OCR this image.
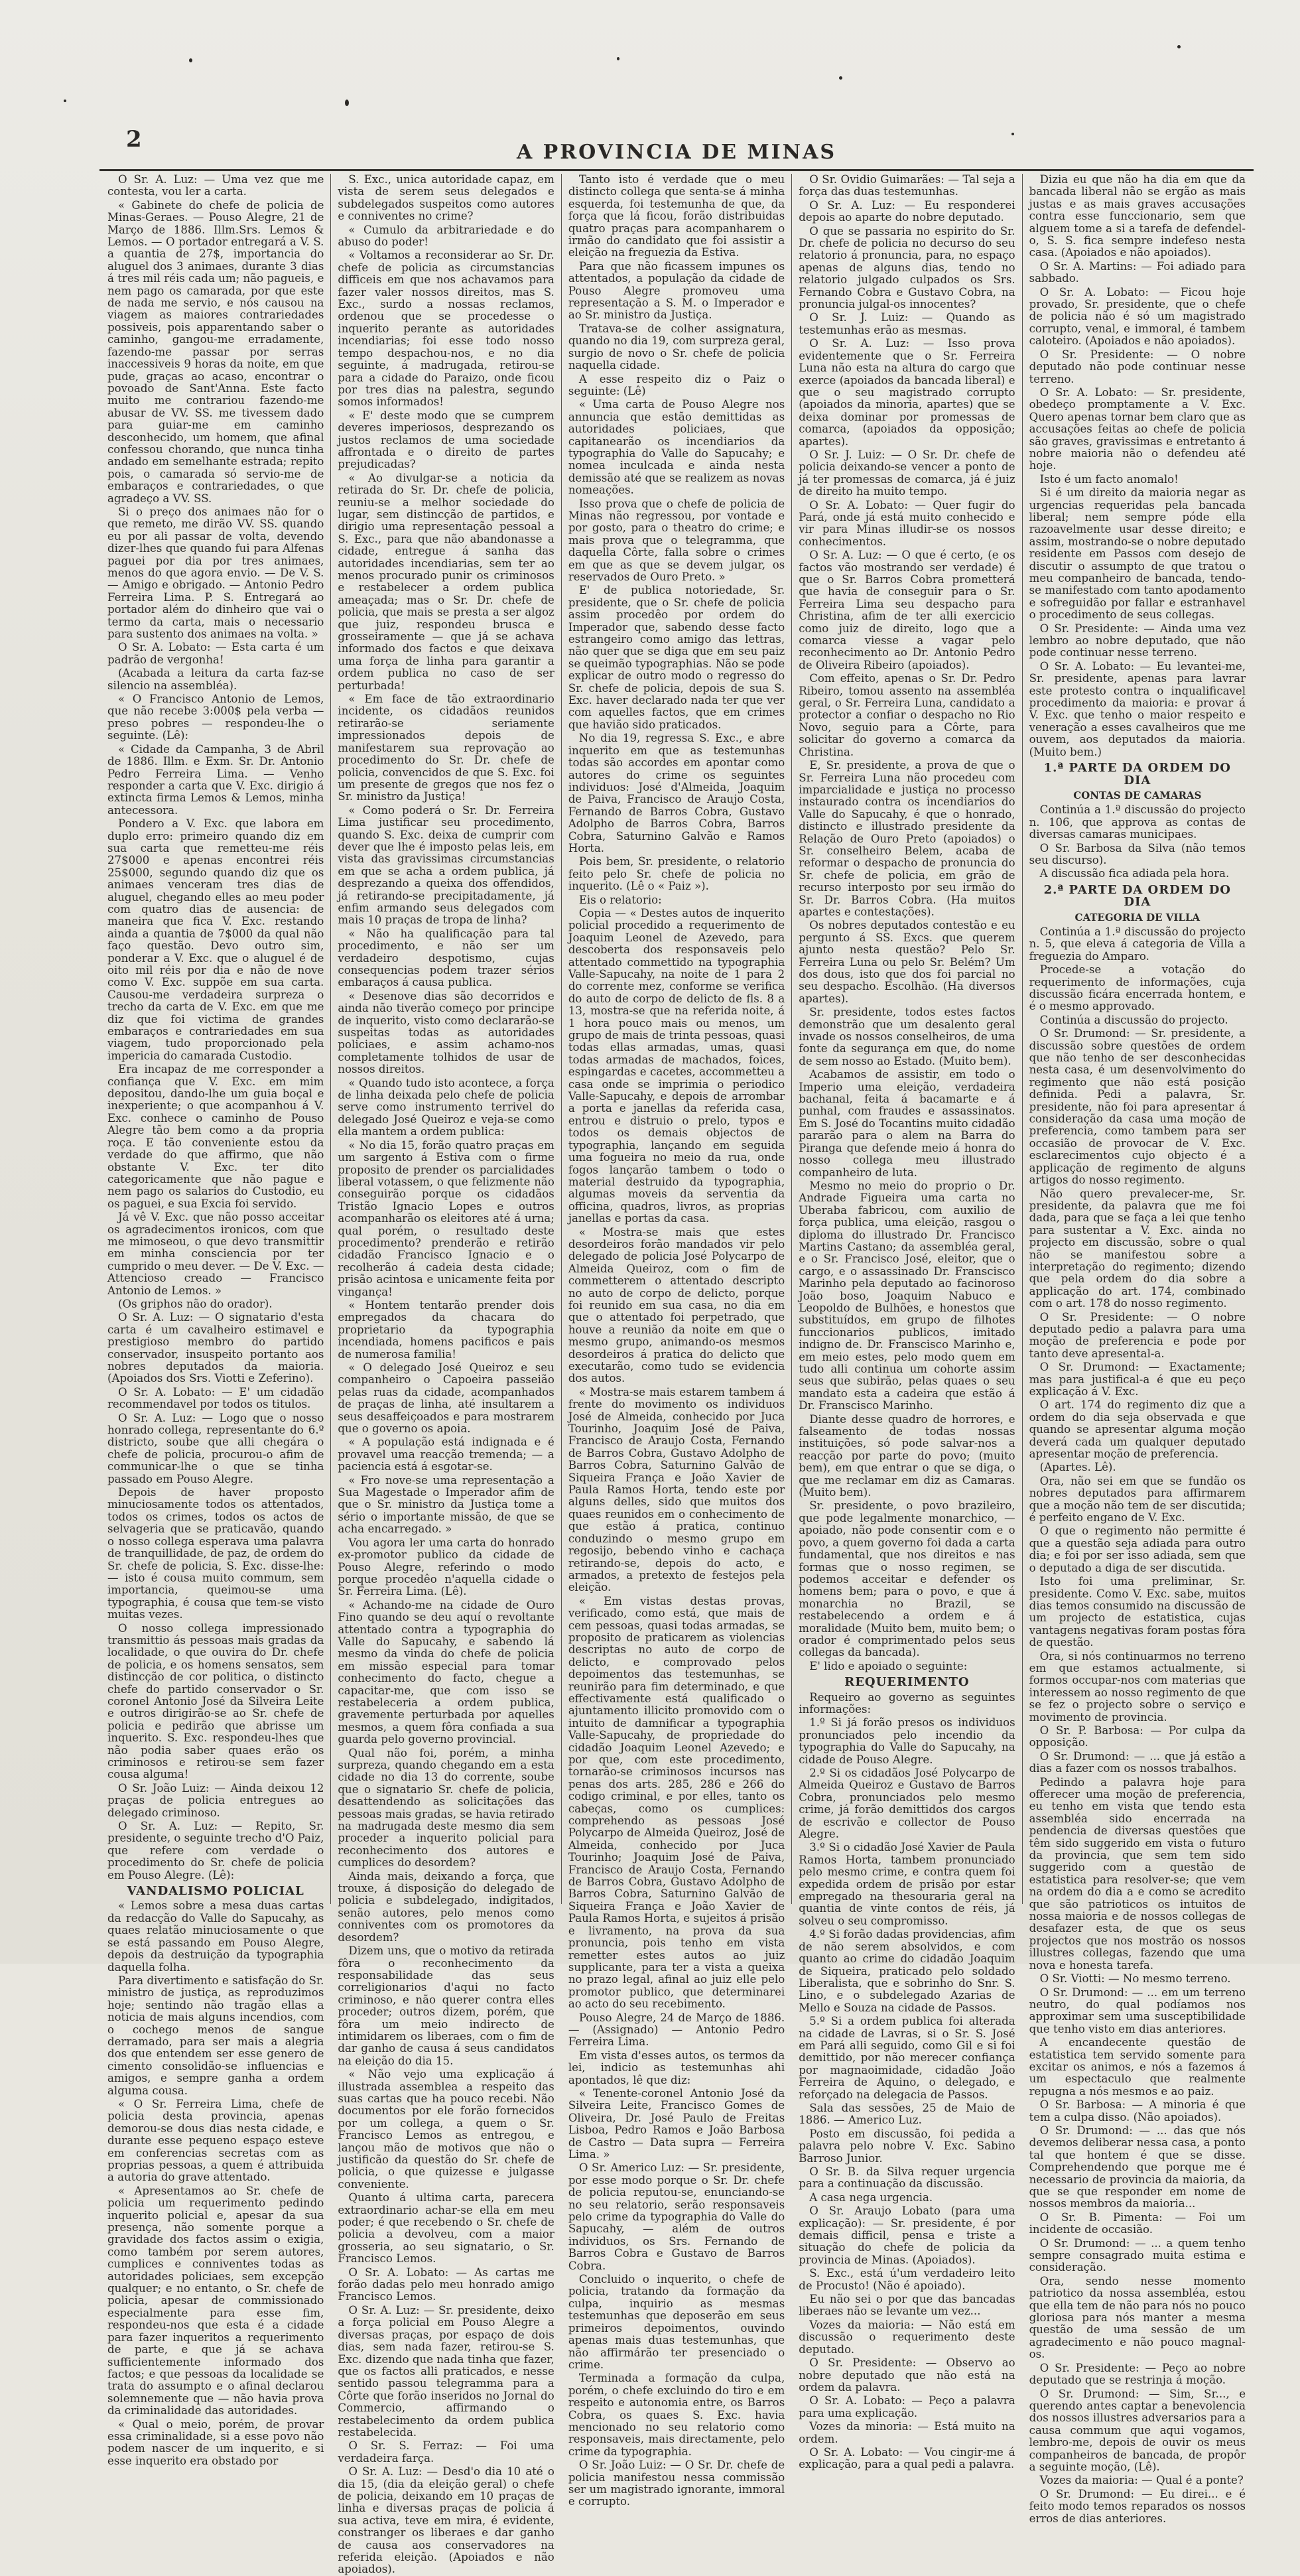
2	A PROVINCIA DE MINAS

O Sr. A. Luz: — Uma vez que me contesta, vou ler a carta.

« Gabinete do chefe de policia de Minas-Geraes. — Pouso Alegre, 21 de Março de 1886. Illm.Srs. Lemos & Lemos. — O portador entregará a V. S. a quantia de 27$, importancia do aluguel dos 3 animaes, durante 3 dias á tres mil réis cada um; não pagueis, e nem pago os camarada, por que este de nada me servio, e nós causou na viagem as maiores contrariedades possiveis, pois apparentando saber o caminho, gangou-me erradamente, fazendo-me passar por serras inaccessiveis 9 horas da noite, em que pude, graças ao acaso, encontrar o povoado de Sant'Anna. Este facto muito me contrariou fazendo-me abusar de VV. SS. me tivessem dado para guiar-me em caminho desconhecido, um homem, que afinal confessou chorando, que nunca tinha andado em semelhante estrada; repito pois, o camarada só servio-me de embaraços e contrariedades, o que agradeço a VV. SS.

Si o preço dos animaes não for o que remeto, me dirão VV. SS. quando eu por ali passar de volta, devendo dizer-lhes que quando fui para Alfenas paguei por dia por tres animaes, menos do que agora envio. — De V. S. — Amigo e obrigado. — Antonio Pedro Ferreira Lima. P. S. Entregará ao portador além do dinheiro que vai o termo da carta, mais o necessario para sustento dos animaes na volta. »

O Sr. A. Lobato: — Esta carta é um padrão de vergonha!

(Acabada a leitura da carta faz-se silencio na assembléa).

« O Francisco Antonio de Lemos, que não recebe 3:000$ pela verba — preso pobres — respondeu-lhe o seguinte. (Lê):

« Cidade da Campanha, 3 de Abril de 1886. Illm. e Exm. Sr. Dr. Antonio Pedro Ferreira Lima. — Venho responder a carta que V. Exc. dirigio á extincta firma Lemos & Lemos, minha antecessora.

Pondero a V. Exc. que labora em duplo erro: primeiro quando diz em sua carta que remetteu-me réis 27$000 e apenas encontrei réis 25$000, segundo quando diz que os animaes venceram tres dias de aluguel, chegando elles ao meu poder com quatro dias de ausencia: de maneira que fica V. Exc. restando ainda a quantia de 7$000 da qual não faço questão. Devo outro sim, ponderar a V. Exc. que o aluguel é de oito mil réis por dia e não de nove como V. Exc. suppõe em sua carta. Causou-me verdadeira surpreza o trecho da carta de V. Exc. em que me diz que foi victima de grandes embaraços e contrariedades em sua viagem, tudo proporcionado pela impericia do camarada Custodio.

Era incapaz de me corresponder a confiança que V. Exc. em mim depositou, dando-lhe um guia boçal e inexperiente; o que acompanhou á V. Exc. conhece o caminho de Pouso Alegre tão bem como a da propria roça. E tão conveniente estou da verdade do que affirmo, que não obstante V. Exc. ter dito categoricamente que não pague e nem pago os salarios do Custodio, eu os paguei, e sua Excia foi servido.

Já vê V. Exc. que não posso acceitar os agradecimentos ironicos, com que me mimoseou, o que devo transmittir em minha consciencia por ter cumprido o meu dever. — De V. Exc. — Attencioso creado — Francisco Antonio de Lemos. »

(Os griphos não do orador).

O Sr. A. Luz: — O signatario d'esta carta é um cavalheiro estimavel e prestigioso membro do partido conservador, insuspeito portanto aos nobres deputados da maioria. (Apoiados dos Srs. Viotti e Zeferino).

O Sr. A. Lobato: — E' um cidadão recommendavel por todos os titulos.

O Sr. A. Luz: — Logo que o nosso honrado collega, representante do 6.º districto, soube que alli chegára o chefe de policia, procurou-o afim de communicar-lhe o que se tinha passado em Pouso Alegre.

Depois de haver proposto minuciosamente todos os attentados, todos os crimes, todos os actos de selvageria que se praticavão, quando o nosso collega esperava uma palavra de tranquillidade, de paz, de ordem do Sr. chefe de policia, S. Exc. disse-lhe: — isto é cousa muito commum, sem importancia, queimou-se uma typographia, é cousa que tem-se visto muitas vezes.

O nosso collega impressionado transmittio ás pessoas mais gradas da localidade, o que ouvira do Dr. chefe de policia, e os homens sensatos, sem distincção de cor politica, o distincto chefe do partido conservador o Sr. coronel Antonio José da Silveira Leite e outros dirigirão-se ao Sr. chefe de policia e pedirão que abrisse um inquerito. S. Exc. respondeu-lhes que não podia saber quaes erão os criminosos e retirou-se sem fazer cousa alguma!

O Sr. João Luiz: — Ainda deixou 12 praças de policia entregues ao delegado criminoso.

O Sr. A. Luz: — Repito, Sr. presidente, o seguinte trecho d'O Paiz, que refere com verdade o procedimento do Sr. chefe de policia em Pouso Alegre. (Lê):

VANDALISMO POLICIAL

« Lemos sobre a mesa duas cartas da redacção do Valle do Sapucahy, as quaes relatão minuciosamente o que se está passando em Pouso Alegre, depois da destruição da typographia daquella folha.

Para divertimento e satisfação do Sr. ministro de justiça, as reproduzimos hoje; sentindo não tragão ellas a noticia de mais alguns incendios, com o cochego menos de sangue derramado, para ser mais a alegria dos que entendem ser esse genero de cimento consolidão-se influencias e amigos, e sempre ganha a ordem alguma cousa.

« O Sr. Ferreira Lima, chefe de policia desta provincia, apenas demorou-se dous dias nesta cidade, e durante esse pequeno espaço esteve em conferencias secretas com as proprias pessoas, a quem é attribuida a autoria do grave attentado.

« Apresentamos ao Sr. chefe de policia um requerimento pedindo inquerito policial e, apesar da sua presença, não somente porque a gravidade dos factos assim o exigia, como também por serem autores, cumplices e conniventes todas as autoridades policiaes, sem excepção qualquer; e no entanto, o Sr. chefe de policia, apesar de commissionado especialmente para esse fim, respondeu-nos que esta é a cidade para fazer inqueritos a requerimento de parte, e que já se achava sufficientemente informado dos factos; e que pessoas da localidade se trata do assumpto e o afinal declarou solemnemente que — não havia prova da criminalidade das autoridades.

« Qual o meio, porém, de provar essa criminalidade, si a esse povo não podem nascer de um inquerito, e si esse inquerito era obstado por

S. Exc., unica autoridade capaz, em vista de serem seus delegados e subdelegados suspeitos como autores e conniventes no crime?

« Cumulo da arbitrariedade e do abuso do poder!

« Voltamos a reconsiderar ao Sr. Dr. chefe de policia as circumstancias difficeis em que nos achavamos para fazer valer nossos direitos, mas S. Exc., surdo a nossas reclamos, ordenou que se procedesse o inquerito perante as autoridades incendiarias; foi esse todo nosso tempo despachou-nos, e no dia seguinte, á madrugada, retirou-se para a cidade do Paraizo, onde ficou por tres dias na palestra, segundo somos informados!

« E' deste modo que se cumprem deveres imperiosos, desprezando os justos reclamos de uma sociedade affrontada e o direito de partes prejudicadas?

« Ao divulgar-se a noticia da retirada do Sr. Dr. chefe de policia, reuniu-se a melhor sociedade do lugar, sem distincção de partidos, e dirigio uma representação pessoal a S. Exc., para que não abandonasse a cidade, entregue á sanha das autoridades incendiarias, sem ter ao menos procurado punir os criminosos e restabelecer a ordem publica ameaçada; mas o Sr. Dr. chefe de policia, que mais se presta a ser algoz que juiz, respondeu brusca e grosseiramente — que já se achava informado dos factos e que deixava uma força de linha para garantir a ordem publica no caso de ser perturbada!

« Em face de tão extraordinario incidente, os cidadãos reunidos retirarão-se seriamente impressionados depois de manifestarem sua reprovação ao procedimento do Sr. Dr. chefe de policia, convencidos de que S. Exc. foi um presente de gregos que nos fez o Sr. ministro da Justiça!

« Como poderá o Sr. Dr. Ferreira Lima justificar seu procedimento, quando S. Exc. deixa de cumprir com dever que lhe é imposto pelas leis, em vista das gravissimas circumstancias em que se acha a ordem publica, já desprezando a queixa dos offendidos, já retirando-se precipitadamente, já enfim armando seus delegados com mais 10 praças de tropa de linha?

« Não ha qualificação para tal procedimento, e não ser um verdadeiro despotismo, cujas consequencias podem trazer sérios embaraços á causa publica.

« Desenove dias são decorridos e ainda não tiverão começo por principe de inquerito, visto como declararão-se suspeitas todas as autoridades policiaes, e assim achamo-nos completamente tolhidos de usar de nossos direitos.

« Quando tudo isto acontece, a força de linha deixada pelo chefe de policia serve como instrumento terrivel do delegado José Queiroz e veja-se como ella mantem a ordem publica:

« No dia 15, forão quatro praças em um sargento á Estiva com o firme proposito de prender os parcialidades liberal votassem, o que felizmente não conseguirão porque os cidadãos Tristão Ignacio Lopes e outros acompanharão os eleitores até á urna; qual porém, o resultado deste procedimento? prenderão e retirão cidadão Francisco Ignacio e o recolherão á cadeia desta cidade; prisão acintosa e unicamente feita por vingança!

« Hontem tentarão prender dois empregados da chacara do proprietario da typographia incendiada, homens pacificos e pais de numerosa familia!

« O delegado José Queiroz e seu companheiro o Capoeira passeião pelas ruas da cidade, acompanhados de praças de linha, até insultarem a seus desaffeiçoados e para mostrarem que o governo os apoia.

« A população está indignada e é provavel uma reacção tremenda; — a paciencia está á esgotar-se.

« Fro nove-se uma representação a Sua Magestade o Imperador afim de que o Sr. ministro da Justiça tome a sério o importante missão, de que se acha encarregado. »

Vou agora ler uma carta do honrado ex-promotor publico da cidade de Pouso Alegre, referindo o modo porque procedêo n'aquella cidade o Sr. Ferreira Lima. (Lê).

« Achando-me na cidade de Ouro Fino quando se deu aquí o revoltante attentado contra a typographia do Valle do Sapucahy, e sabendo lá mesmo da vinda do chefe de policia em missão especial para tomar conhecimento do facto, chegue a capacitar-me, que com isso se restabeleceria a ordem publica, gravemente perturbada por aquelles mesmos, a quem fôra confiada a sua guarda pelo governo provincial.

Qual não foi, porém, a minha surpreza, quando chegando em a esta cidade no dia 13 do corrente, soube que o signatario Sr. chefe de policia, desattendendo as solicitações das pessoas mais gradas, se havia retirado na madrugada deste mesmo dia sem proceder a inquerito policial para reconhecimento dos autores e cumplices do desordem?

Ainda mais, deixando a força, que trouxe, á disposição do delegado de policia e subdelegado, indigitados, senão autores, pelo menos como conniventes com os promotores da desordem?

Dizem uns, que o motivo da retirada fôra o reconhecimento da responsabilidade das seus correligionarios d'aqui no facto criminoso, e não querer contra elles proceder; outros dizem, porém, que fôra um meio indirecto de intimidarem os liberaes, com o fim de dar ganho de causa á seus candidatos na eleição do dia 15.

« Não vejo uma explicação á illustrada assemblea a respeito das suas cartas que ha pouco recebi. Não documentos por ele forão fornecidos por um collega, a quem o Sr. Francisco Lemos as entregou, e lançou mão de motivos que não o justificão da questão do Sr. chefe de policia, o que quizesse e julgasse conveniente.

Quanto á ultima carta, parecera extraordinario achar-se ella em meu poder; é que recebendo o Sr. chefe de policia a devolveu, com a maior grosseria, ao seu signatario, o Sr. Francisco Lemos.

O Sr. A. Lobato: — As cartas me forão dadas pelo meu honrado amigo Francisco Lemos.

O Sr. A. Luz: — Sr. presidente, deixo a força policial em Pouso Alegre a diversas praças, por espaço de dois dias, sem nada fazer, retirou-se S. Exc. dizendo que nada tinha que fazer, que os factos alli praticados, e nesse sentido passou telegramma para a Côrte que forão inseridos no Jornal do Commercio, affirmando o restabelecimento da ordem publica restabelecida.

O Sr. S. Ferraz: — Foi uma verdadeira farça.

O Sr. A. Luz: — Desd'o dia 10 até o dia 15, (dia da eleição geral) o chefe de policia, deixando em 10 praças de linha e diversas praças de policia á sua activa, teve em mira, é evidente, constranger os liberaes e dar ganho de causa aos conservadores na referida eleição. (Apoiados e não apoiados).

Tanto isto é verdade que o meu distincto collega que senta-se á minha esquerda, foi testemunha de que, da força que lá ficou, forão distribuidas quatro praças para acompanharem o irmão do candidato que foi assistir a eleição na freguezia da Estiva.

Para que não ficassem impunes os attentados, a população da cidade de Pouso Alegre promoveu uma representação a S. M. o Imperador e ao Sr. ministro da Justiça.

Tratava-se de colher assignatura, quando no dia 19, com surpreza geral, surgio de novo o Sr. chefe de policia naquella cidade.

A esse respeito diz o Paiz o seguinte: (Lê)

« Uma carta de Pouso Alegre nos annuncia que estão demittidas as autoridades policiaes, que capitanearão os incendiarios da typographia do Valle do Sapucahy; e nomea inculcada e ainda nesta demissão até que se realizem as novas nomeações.

Isso prova que o chefe de policia de Minas não regressou, por vontade e por gosto, para o theatro do crime; e mais prova que o telegramma, que daquella Côrte, falla sobre o crimes em que as que se devem julgar, os reservados de Ouro Preto. »

E' de publica notoriedade, Sr. presidente, que o Sr. chefe de policia assim procedêo por ordem do Imperador que, sabendo desse facto estrangeiro como amigo das lettras, não quer que se diga que em seu paiz se queimão typographias. Não se pode explicar de outro modo o regresso do Sr. chefe de policia, depois de sua S. Exc. haver declarado nada ter que ver com aquelles factos, que em crimes que havião sido praticados.

No dia 19, regressa S. Exc., e abre inquerito em que as testemunhas todas são accordes em apontar como autores do crime os seguintes individuos: José d'Almeida, Joaquim de Paiva, Francisco de Araujo Costa, Fernando de Barros Cobra, Gustavo Adolpho de Barros Cobra, Barros Cobra, Saturnino Galvão e Ramos Horta.

Pois bem, Sr. presidente, o relatorio feito pelo Sr. chefe de policia no inquerito. (Lê o « Paiz »).

Eis o relatorio:

Copia — « Destes autos de inquerito policial procedido a requerimento de Joaquim Leonel de Azevedo, para descoberta dos responsaveis pelo attentado commettido na typographia Valle-Sapucahy, na noite de 1 para 2 do corrente mez, conforme se verifica do auto de corpo de delicto de fls. 8 a 13, mostra-se que na referida noite, á 1 hora pouco mais ou menos, um grupo de mais de trinta pessoas, quasi todas ellas armadas, umas, quasi todas armadas de machados, foices, espingardas e cacetes, accommetteu a casa onde se imprimia o periodico Valle-Sapucahy, e depois de arrombar a porta e janellas da referida casa, entrou e distruio o prelo, typos e todos os demais objectos de typographia, lançando em seguida uma fogueira no meio da rua, onde fogos lançarão tambem o todo o material destruido da typographia, algumas moveis da serventia da officina, quadros, livros, as proprias janellas e portas da casa.

« Mostra-se mais que estes desordeiros forão mandados vir pelo delegado de policia José Polycarpo de Almeida Queiroz, com o fim de commetterem o attentado descripto no auto de corpo de delicto, porque foi reunido em sua casa, no dia em que o attentado foi perpetrado, que houve a reunião da noite em que o mesmo grupo, animando-os mesmos desordeiros á pratica do delicto que executarão, como tudo se evidencia dos autos.

« Mostra-se mais estarem tambem á frente do movimento os individuos José de Almeida, conhecido por Juca Tourinho, Joaquim José de Paiva, Francisco de Araujo Costa, Fernando de Barros Cobra, Gustavo Adolpho de Barros Cobra, Saturnino Galvão de Siqueira França e João Xavier de Paula Ramos Horta, tendo este por alguns delles, sido que muitos dos quaes reunidos em o conhecimento de que estão á pratica, continuo conduzindo o mesmo grupo em regosijo, bebendo vinho e cachaça retirando-se, depois do acto, e armados, a pretexto de festejos pela eleição.

« Em vistas destas provas, verificado, como está, que mais de cem pessoas, quasi todas armadas, se proposito de praticarem as violencias descriptas no auto de corpo de delicto, e comprovado pelos depoimentos das testemunhas, se reunirão para fim determinado, e que effectivamente está qualificado o ajuntamento illicito promovido com o intuito de damnificar a typographia Valle-Sapucahy, de propriedade do cidadão Joaquim Leonel Azevedo; e por que, com este procedimento, tornarão-se criminosos incursos nas penas dos arts. 285, 286 e 266 do codigo criminal, e por elles, tanto os cabeças, como os cumplices: comprehendo as pessoas José Polycarpo de Almeida Queiroz, José de Almeida, conhecido por Juca Tourinho; Joaquim José de Paiva, Francisco de Araujo Costa, Fernando de Barros Cobra, Gustavo Adolpho de Barros Cobra, Saturnino Galvão de Siqueira França e João Xavier de Paula Ramos Horta, e sujeitos á prisão e livramento, na prova da sua pronuncia, pois tenho em vista remetter estes autos ao juiz supplicante, para ter a vista a queixa no prazo legal, afinal ao juiz elle pelo promotor publico, que determinarei ao acto do seu recebimento.

Pouso Alegre, 24 de Março de 1886. — (Assignado) — Antonio Pedro Ferreira Lima.

Em vista d'esses autos, os termos da lei, indicio as testemunhas ahi apontados, lê que diz:

« Tenente-coronel Antonio José da Silveira Leite, Francisco Gomes de Oliveira, Dr. José Paulo de Freitas Lisboa, Pedro Ramos e João Barbosa de Castro — Data supra — Ferreira Lima. »

O Sr. Americo Luz: — Sr. presidente, por esse modo porque o Sr. Dr. chefe de policia reputou-se, enunciando-se no seu relatorio, serão responsaveis pelo crime da typographia do Valle do Sapucahy, — além de outros individuos, os Srs. Fernando de Barros Cobra e Gustavo de Barros Cobra.

Concluido o inquerito, o chefe de policia, tratando da formação da culpa, inquirio as mesmas testemunhas que deposerão em seus primeiros depoimentos, ouvindo apenas mais duas testemunhas, que não affirmárão ter presenciado o crime.

Terminada a formação da culpa, porém, o chefe excluindo do tiro e em respeito e autonomia entre, os Barros Cobra, os quaes S. Exc. havia mencionado no seu relatorio como responsaveis, mais directamente, pelo crime da typographia.

O Sr. João Luiz: — O Sr. Dr. chefe de policia manifestou nessa commissão ser um magistrado ignorante, immoral e corrupto.

O Sr. Ovidio Guimarães: — Tal seja a força das duas testemunhas.

O Sr. A. Luz: — Eu responderei depois ao aparte do nobre deputado.

O que se passaria no espirito do Sr. Dr. chefe de policia no decurso do seu relatorio á pronuncia, para, no espaço apenas de alguns dias, tendo no relatorio julgado culpados os Srs. Fernando Cobra e Gustavo Cobra, na pronuncia julgal-os innocentes?

O Sr. J. Luiz: — Quando as testemunhas erão as mesmas.

O Sr. A. Luz: — Isso prova evidentemente que o Sr. Ferreira Luna não esta na altura do cargo que exerce (apoiados da bancada liberal) e que o seu magistrado corrupto (apoiados da minoria, apartes) que se deixa dominar por promessas de comarca, (apoiados da opposição; apartes).

O Sr. J. Luiz: — O Sr. Dr. chefe de policia deixando-se vencer a ponto de já ter promessas de comarca, já é juiz de direito ha muito tempo.

O Sr. A. Lobato: — Quer fugir do Pará, onde já está muito conhecido e vir para Minas illudir-se os nossos conhecimentos.

O Sr. A. Luz: — O que é certo, (e os factos vão mostrando ser verdade) é que o Sr. Barros Cobra prometterá que havia de conseguir para o Sr. Ferreira Lima seu despacho para Christina, afim de ter alli exercicio como juiz de direito, logo que a comarca viesse a vagar pelo reconhecimento ao Dr. Antonio Pedro de Oliveira Ribeiro (apoiados).

Com effeito, apenas o Sr. Dr. Pedro Ribeiro, tomou assento na assembléa geral, o Sr. Ferreira Luna, candidato a protector a confiar o despacho no Rio Novo, seguio para a Côrte, para solicitar do governo a comarca da Christina.

E, Sr. presidente, a prova de que o Sr. Ferreira Luna não procedeu com imparcialidade e justiça no processo instaurado contra os incendiarios do Valle do Sapucahy, é que o honrado, distincto e illustrado presidente da Relação de Ouro Preto (apoiados) o Sr. conselheiro Belem, acaba de reformar o despacho de pronuncia do Sr. chefe de policia, em grão de recurso interposto por seu irmão do Sr. Dr. Barros Cobra. (Ha muitos apartes e contestações).

Os nobres deputados contestão e eu pergunto á SS. Excs. que querem ajunto nesta questão? Pelo Sr. Ferreira Luna ou pelo Sr. Belém? Um dos dous, isto que dos foi parcial no seu despacho. Escolhão. (Ha diversos apartes).

Sr. presidente, todos estes factos demonstrão que um desalento geral invade os nossos conselheiros, de uma fonte da segurança em que, do nome de sem nosso ao Estado. (Muito bem).

Acabamos de assistir, em todo o Imperio uma eleição, verdadeira bachanal, feita á bacamarte e á punhal, com fraudes e assassinatos. Em S. José do Tocantins muito cidadão pararão para o alem na Barra do Piranga que defende meio á honra do nosso collega meu illustrado companheiro de luta.

Mesmo no meio do proprio o Dr. Andrade Figueira uma carta no Uberaba fabricou, com auxilio de força publica, uma eleição, rasgou o diploma do illustrado Dr. Francisco Martins Castano; da assembléa geral, e o Sr. Francisco José, eleitor, que o cargo, e o assassinado Dr. Franscisco Marinho pela deputado ao facinoroso João boso, Joaquim Nabuco e Leopoldo de Bulhões, e honestos que substituídos, em grupo de filhotes funccionarios publicos, imitado indigno de. Dr. Franscisco Marinho e, em meio estes, pelo modo quem em tudo alli continua um cohorte assim seus que subirão, pelas quaes o seu mandato esta a cadeira que estão á Dr. Franscisco Marinho.

Diante desse quadro de horrores, e falseamento de todas nossas instituições, só pode salvar-nos a reacção por parte do povo; (muito bem), em que entrar o que se diga, o que me reclamar em diz as Camaras. (Muito bem).

Sr. presidente, o povo brazileiro, que pode legalmente monarchico, — apoiado, não pode consentir com e o povo, a quem governo foi dada a carta fundamental, que nos direitos e nas formas que o nosso regimen, se podemos acceitar e defender os homens bem; para o povo, e que á monarchia no Brazil, se restabelecendo a ordem e á moralidade (Muito bem, muito bem; o orador é comprimentado pelos seus collegas da bancada).

E' lido e apoiado o seguinte:

REQUERIMENTO

Requeiro ao governo as seguintes informações:

1.º Si já forão presos os individuos pronunciados pelo incendio da typographia do Valle do Sapucahy, na cidade de Pouso Alegre.

2.º Si os cidadãos José Polycarpo de Almeida Queiroz e Gustavo de Barros Cobra, pronunciados pelo mesmo crime, já forão demittidos dos cargos de escrivão e collector de Pouso Alegre.

3.º Si o cidadão José Xavier de Paula Ramos Horta, tambem pronunciado pelo mesmo crime, e contra quem foi expedida ordem de prisão por estar empregado na thesouraria geral na quantia de vinte contos de réis, já solveu o seu compromisso.

4.º Si forão dadas providencias, afim de não serem absolvidos, e com quanto ao crime do cidadão Joaquim de Siqueira, praticado pelo soldado Liberalista, que e sobrinho do Snr. S. Lino, e o subdelegado Azarias de Mello e Souza na cidade de Passos.

5.º Si a ordem publica foi alterada na cidade de Lavras, si o Sr. S. José em Pará alli seguido, como Gil e si foi demittido, por não merecer confiança por magnaoimidade, cidadão João Ferreira de Aquino, o delegado, e reforçado na delegacia de Passos.

Sala das sessões, 25 de Maio de 1886. — Americo Luz.

Posto em discussão, foi pedida a palavra pelo nobre V. Exc. Sabino Barroso Junior.

O Sr. B. da Silva requer urgencia para a continuação da discussão.

A casa nega urgencia.

O Sr. Araujo Lobato (para uma explicação): — Sr. presidente, é por demais difficil, pensa e triste a situação do chefe de policia da provincia de Minas. (Apoiados).

S. Exc., está ú'um verdadeiro leito de Procusto! (Não é apoiado).

Eu não sei o por que das bancadas liberaes não se levante um vez...

Vozes da maioria: — Não está em discussão o requerimento deste deputado.

O Sr. Presidente: — Observo ao nobre deputado que não está na ordem da palavra.

O Sr. A. Lobato: — Peço a palavra para uma explicação.

Vozes da minoria: — Está muito na ordem.

O Sr. A. Lobato: — Vou cingir-me á explicação, para a qual pedi a palavra.

Dizia eu que não ha dia em que da bancada liberal não se ergão as mais justas e as mais graves accusações contra esse funccionario, sem que alguem tome a si a tarefa de defendel-o, S. S. fica sempre indefeso nesta casa. (Apoiados e não apoiados).

O Sr. A. Martins: — Foi adiado para sabbado.

O Sr. A. Lobato: — Ficou hoje provado, Sr. presidente, que o chefe de policia não é só um magistrado corrupto, venal, e immoral, é tambem caloteiro. (Apoiados e não apoiados).

O Sr. Presidente: — O nobre deputado não pode continuar nesse terreno.

O Sr. A. Lobato: — Sr. presidente, obedeço promptamente a V. Exc. Quero apenas tornar bem claro que as accusações feitas ao chefe de policia são graves, gravissimas e entretanto á nobre maioria não o defendeu até hoje.

Isto é um facto anomalo!

Si é um direito da maioria negar as urgencias requeridas pela bancada liberal; nem sempre póde ella razoavelmente usar desse direito; e assim, mostrando-se o nobre deputado residente em Passos com desejo de discutir o assumpto de que tratou o meu companheiro de bancada, tendo-se manifestado com tanto apodamento e sofreguidão por fallar e estranhavel o procedimento de seus collegas.

O Sr. Presidente: — Ainda uma vez lembro ao nobre deputado, que não pode continuar nesse terreno.

O Sr. A. Lobato: — Eu levantei-me, Sr. presidente, apenas para lavrar este protesto contra o inqualificavel procedimento da maioria: e provar á V. Exc. que tenho o maior respeito e veneração a esses cavalheiros que me ouvem, aos deputados da maioria. (Muito bem.)

1.ª PARTE DA ORDEM DO DIA

CONTAS DE CAMARAS

Continúa a 1.ª discussão do projecto n. 106, que approva as contas de diversas camaras municipaes.

O Sr. Barbosa da Silva (não temos seu discurso).

A discussão fica adiada pela hora.

2.ª PARTE DA ORDEM DO DIA

CATEGORIA DE VILLA

Continúa a 1.ª discussão do projecto n. 5, que eleva á categoria de Villa a freguezia do Amparo.

Procede-se a votação do requerimento de informações, cuja discussão ficára encerrada hontem, e é o mesmo approvado.

Continúa a discussão do projecto.

O Sr. Drumond: — Sr. presidente, a discussão sobre questões de ordem que não tenho de ser desconhecidas nesta casa, é um desenvolvimento do regimento que não está posição definida. Pedi a palavra, Sr. presidente, não foi para apresentar á consideração da casa uma moção de preferencia, como tambem para ser occasião de provocar de V. Exc. esclarecimentos cujo objecto é a applicação de regimento de alguns artigos do nosso regimento.

Não quero prevalecer-me, Sr. presidente, da palavra que me foi dada, para que se faça a lei que tenho para sustentar a V. Exc. ainda no projecto em discussão, sobre o qual não se manifestou sobre a interpretação do regimento; dizendo que pela ordem do dia sobre a applicação do art. 174, combinado com o art. 178 do nosso regimento.

O Sr. Presidente: — O nobre deputado pedio a palavra para uma moção de preferencia e pode por tanto deve apresental-a.

O Sr. Drumond: — Exactamente; mas para justifical-a é que eu peço explicação á V. Exc.

O art. 174 do regimento diz que a ordem do dia seja observada e que quando se apresentar alguma moção deverá cada um qualquer deputado apresentar moção de preferencia.

(Apartes. Lê).

Ora, não sei em que se fundão os nobres deputados para affirmarem que a moção não tem de ser discutida; é perfeito engano de V. Exc.

O que o regimento não permitte é que a questão seja adiada para outro dia; e foi por ser isso adiada, sem que o deputado a diga de ser discutida.

Isto foi uma preliminar, Sr. presidente. Como V. Exc. sabe, muitos dias temos consumido na discussão de um projecto de estatistica, cujas vantagens negativas foram postas fóra de questão.

Ora, si nós continuarmos no terreno em que estamos actualmente, si formos occupar-nos com materias que interessem ao nosso regimento de que se fez o projecto sobre o serviço e movimento de provincia.

O Sr. P. Barbosa: — Por culpa da opposição.

O Sr. Drumond: — ... que já estão a dias a fazer com os nossos trabalhos.

Pedindo a palavra hoje para offerecer uma moção de preferencia, eu tenho em vista que tendo esta assembléa sido encerrada na pendencia de diversas questões que têm sido suggerido em vista o futuro da provincia, que sem tem sido suggerido com a questão de estatistica para resolver-se; que vem na ordem do dia a e como se acredito que são patrioticos os intuitos de nossa maioria e de nossos collegas de desafazer esta, de que os seus projectos que nos mostrão os nossos illustres collegas, fazendo que uma nova e honesta tarefa.

O Sr. Viotti: — No mesmo terreno.

O Sr. Drumond: — ... em um terreno neutro, do qual podíamos nos approximar sem uma susceptibilidade que tenho visto em dias anteriores.

A encandecente questão de estatistica tem servido somente para excitar os animos, e nós a fazemos á um espectaculo que realmente repugna a nós mesmos e ao paiz.

O Sr. Barbosa: — A minoria é que tem a culpa disso. (Não apoiados).

O Sr. Drumond: — ... das que nós devemos deliberar nessa casa, a ponto tal que hontem é que se disse. Comprehendendo que porque me é necessario de provincia da maioria, da que se que responder em nome de nossos membros da maioria...

O Sr. B. Pimenta: — Foi um incidente de occasião.

O Sr. Drumond: — ... a quem tenho sempre consagrado muita estima e consideração.

Ora, sendo nesse momento patriotico da nossa assembléa, estou que ella tem de não para nós no pouco gloriosa para nós manter a mesma questão de uma sessão de um agradecimento e não pouco magnal-os.

O Sr. Presidente: — Peço ao nobre deputado que se restrinja á moção.

O Sr. Drumond: — Sim, Sr..., e querendo antes captar a benevolencia dos nossos illustres adversarios para a causa commum que aqui vogamos, lembro-me, depois de ouvir os meus companheiros de bancada, de propôr a seguinte moção, (Lê).

Vozes da maioria: — Qual é a ponte?

O Sr. Drumond: — Eu direi... e é feito modo temos reparados os nossos erros de dias anteriores.
